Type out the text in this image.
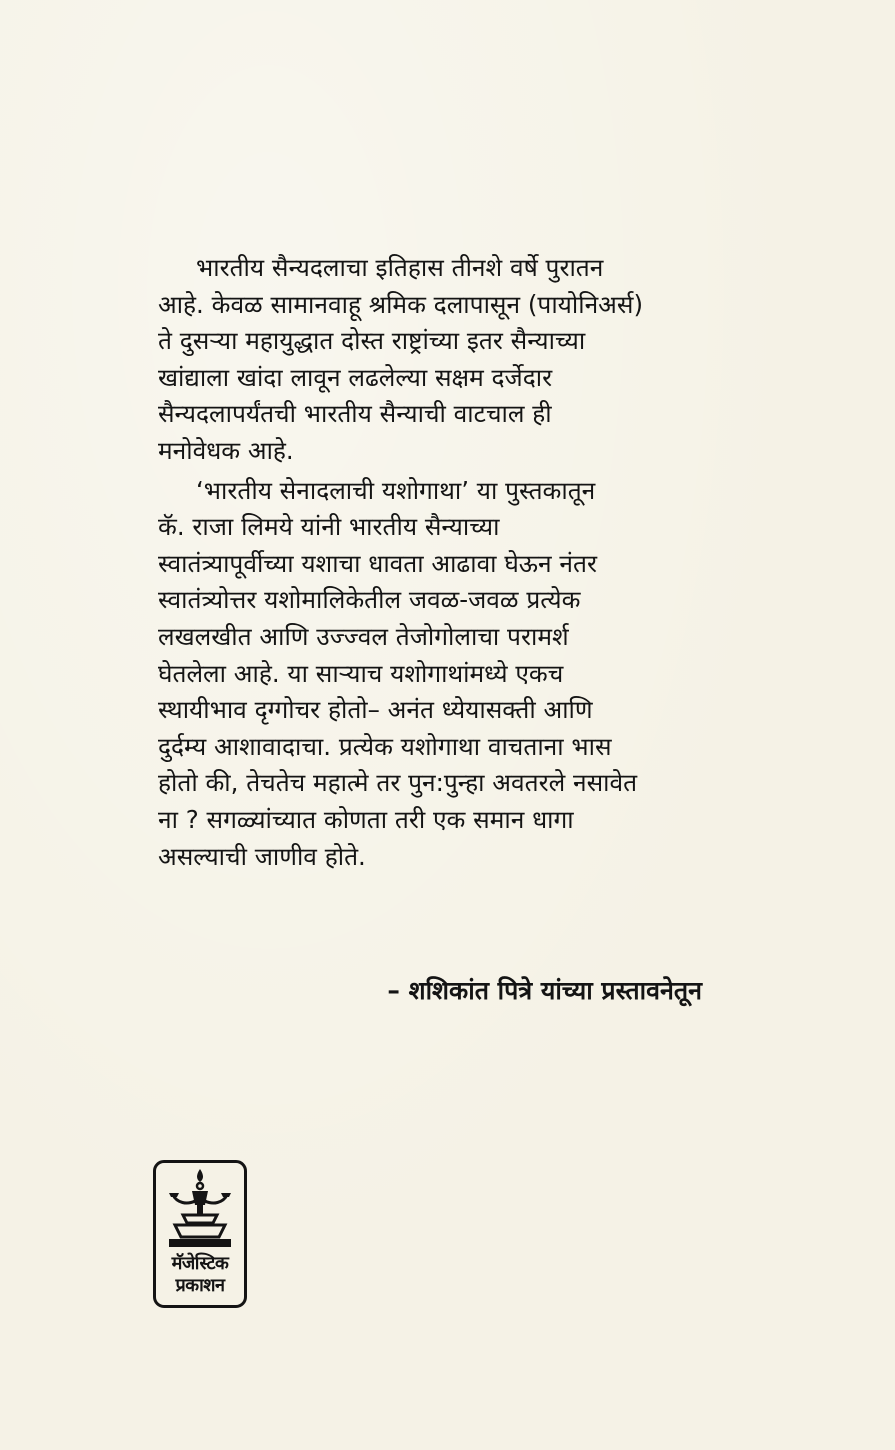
भारतीय सैन्यदलाचा इतिहास तीनशे वर्षे पुरातन

आहे. केवळ सामानवाहू श्रमिक दलापासून (पायोनिअर्स)

ते दुसऱ्या महायुद्धात दोस्त राष्ट्रांच्या इतर सैन्याच्या

खांद्याला खांदा लावून लढलेल्या सक्षम दर्जेदार

सैन्यदलापर्यंतची भारतीय सैन्याची वाटचाल ही

मनोवेधक आहे.

‘भारतीय सेनादलाची यशोगाथा’ या पुस्तकातून

कॅ. राजा लिमये यांनी भारतीय सैन्याच्या

स्वातंत्र्यापूर्वीच्या यशाचा धावता आढावा घेऊन नंतर

स्वातंत्र्योत्तर यशोमालिकेतील जवळ-जवळ प्रत्येक

लखलखीत आणि उज्ज्वल तेजोगोलाचा परामर्श

घेतलेला आहे. या साऱ्याच यशोगाथांमध्ये एकच

स्थायीभाव दृग्गोचर होतो– अनंत ध्येयासक्ती आणि

दुर्दम्य आशावादाचा. प्रत्येक यशोगाथा वाचताना भास

होतो की, तेचतेच महात्मे तर पुन:पुन्हा अवतरले नसावेत

ना ? सगळ्यांच्यात कोणता तरी एक समान धागा

असल्याची जाणीव होते.

– शशिकांत पित्रे यांच्या प्रस्तावनेतून
मॅजेस्टिक
प्रकाशन
